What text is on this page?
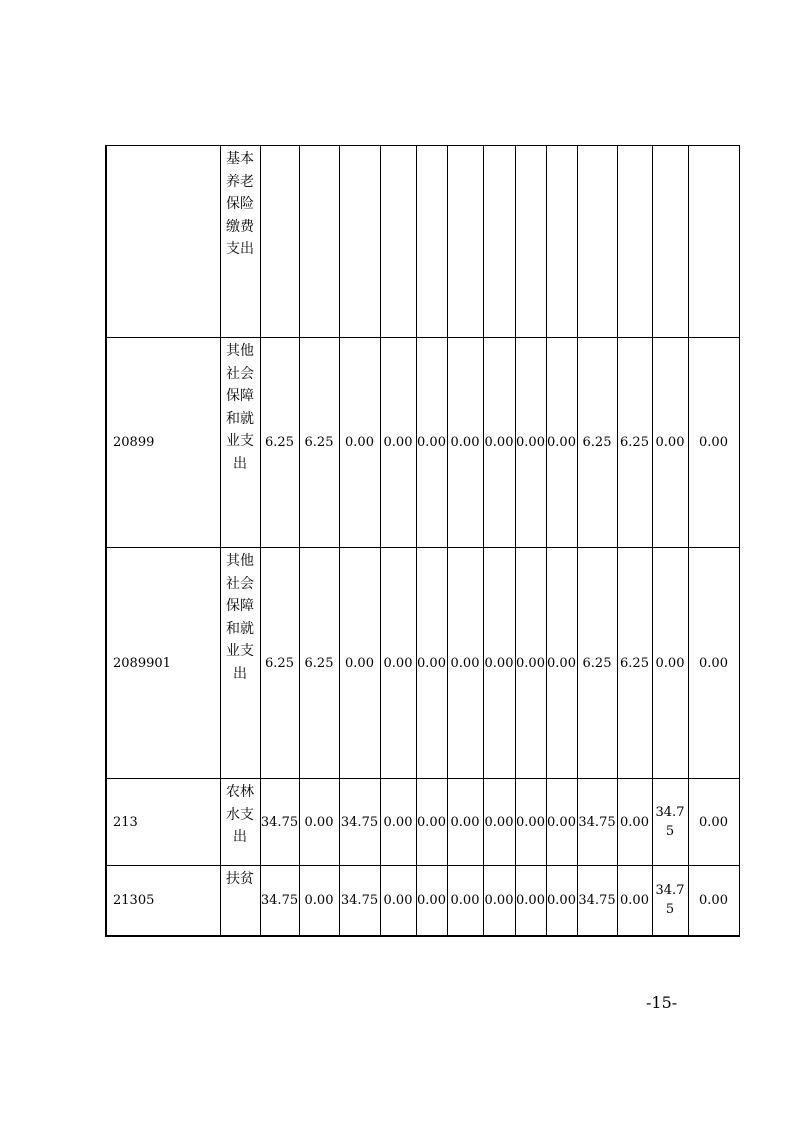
	基本养老保险缴费支出													
20899	其他社会保障和就业支出	6.25	6.25	0.00	0.00	0.00	0.00	0.00	0.00	0.00	6.25	6.25	0.00	0.00
2089901	其他社会保障和就业支出	6.25	6.25	0.00	0.00	0.00	0.00	0.00	0.00	0.00	6.25	6.25	0.00	0.00
213	农林水支出	34.75	0.00	34.75	0.00	0.00	0.00	0.00	0.00	0.00	34.75	0.00	34.75	0.00
21305	扶贫	34.75	0.00	34.75	0.00	0.00	0.00	0.00	0.00	0.00	34.75	0.00	34.75	0.00
-15-
